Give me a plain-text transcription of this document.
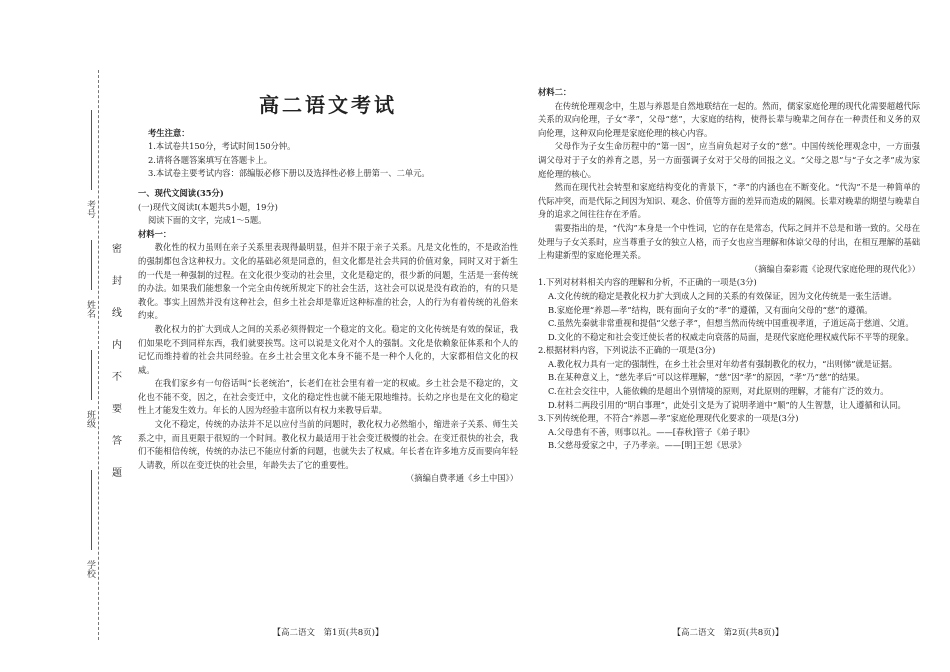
考号
姓名
班级
学校
密
封
线
内
不
要
答
题
高二语文考试
考生注意：
1.本试卷共150分，考试时间150分钟。
2.请将各题答案填写在答题卡上。
3.本试卷主要考试内容：部编版必修下册以及选择性必修上册第一、二单元。
一、现代文阅读(35分)
(一)现代文阅读Ⅰ(本题共5小题，19分)
阅读下面的文字，完成1～5题。
材料一：
教化性的权力虽则在亲子关系里表现得最明显，但并不限于亲子关系。凡是文化性的，不是政治性的强制都包含这种权力。文化的基础必须是同意的，但文化都是社会共同的价值对象，同时又对于新生的一代是一种强制的过程。在文化很少变动的社会里，文化是稳定的，很少新的问题，生活是一套传统的办法。如果我们能想象一个完全由传统所规定下的社会生活，这社会可以说是没有政治的，有的只是教化。事实上固然并没有这种社会，但乡土社会却是靠近这种标准的社会，人的行为有着传统的礼俗来约束。
教化权力的扩大到成人之间的关系必须得假定一个稳定的文化。稳定的文化传统是有效的保证，我们如果吃不到同样东西，我们就要挨骂。这可以说是文化对个人的强制。文化是依赖象征体系和个人的记忆而维持着的社会共同经验。在乡土社会里文化本身不能不是一种个人化的，大家都相信文化的权威。
在我们家乡有一句俗话叫“长老统治”，长老们在社会里有着一定的权威。乡土社会是不稳定的，文化也不能不变，因之，在社会变迁中，文化的稳定性也就不能无限地维持。长幼之序也是在文化的稳定性上才能发生效力。年长的人因为经验丰富所以有权力来教导后辈。
文化不稳定，传统的办法并不足以应付当前的问题时，教化权力必然缩小，缩进亲子关系、师生关系之中，而且更限于很短的一个时间。教化权力最适用于社会变迁极慢的社会。在变迁很快的社会，我们不能相信传统，传统的办法已不能应付新的问题，也就失去了权威。年长者在许多地方反而要向年轻人请教，所以在变迁快的社会里，年龄失去了它的重要性。
（摘编自费孝通《乡土中国》）
【高二语文　第1页(共8页)】
材料二：
在传统伦理观念中，生恩与养恩是自然地联结在一起的。然而，儒家家庭伦理的现代化需要超越代际关系的双向伦理，子女“孝”，父母“慈”，大家庭的结构，使得长辈与晚辈之间存在一种责任和义务的双向伦理，这种双向伦理是家庭伦理的核心内容。
父母作为子女生命历程中的“第一因”，应当肩负起对子女的“慈”。中国传统伦理观念中，一方面强调父母对于子女的养育之恩，另一方面强调子女对于父母的回报之义。“父母之恩”与“子女之孝”成为家庭伦理的核心。
然而在现代社会转型和家庭结构变化的背景下，“孝”的内涵也在不断变化。“代沟”不是一种简单的代际冲突，而是代际之间因为知识、观念、价值等方面的差异而造成的隔阂。长辈对晚辈的期望与晚辈自身的追求之间往往存在矛盾。
需要指出的是，“代沟”本身是一个中性词，它的存在是常态，代际之间并不总是和谐一致的。父母在处理与子女关系时，应当尊重子女的独立人格，而子女也应当理解和体谅父母的付出，在相互理解的基础上构建新型的家庭伦理关系。
（摘编自秦彩霞《论现代家庭伦理的现代化》）
1.下列对材料相关内容的理解和分析，不正确的一项是(3分)
A.文化传统的稳定是教化权力扩大到成人之间的关系的有效保证，因为文化传统是一张生活谱。
B.家庭伦理“养恩—孝”结构，既有面向子女的“孝”的遵循，又有面向父母的“慈”的遵循。
C.虽然先秦就非常重视和提倡“父慈子孝”，但想当然而传统中国重视孝道，子道远高于慈道、父道。
D.文化的不稳定和社会变迁使长者的权威走向衰落的局面，是现代家庭伦理权威代际不平等的现象。
2.根据材料内容，下列说法不正确的一项是(3分)
A.教化权力具有一定的强制性，在乡土社会里对年幼者有强制教化的权力，“出则悌”就是证据。
B.在某种意义上，“慈先孝后”可以这样理解，“慈”因“孝”的原因，“孝”乃“慈”的结果。
C.在社会交往中，人能依赖的是超出个别情境的原则，对此原则的理解，才能有广泛的效力。
D.材料二两段引用的“明白事理”，此处引文是为了说明孝道中“顺”的人生智慧，让人遵循和认同。
3.下列传统伦理，不符合“养恩—孝”家庭伦理现代化要求的一项是(3分)
A.父母患有不善，则事以礼。——[春秋]管子《弟子职》
B.父慈母爱家之中，子乃孝亲。——[明]王恕《思录》
【高二语文　第2页(共8页)】
